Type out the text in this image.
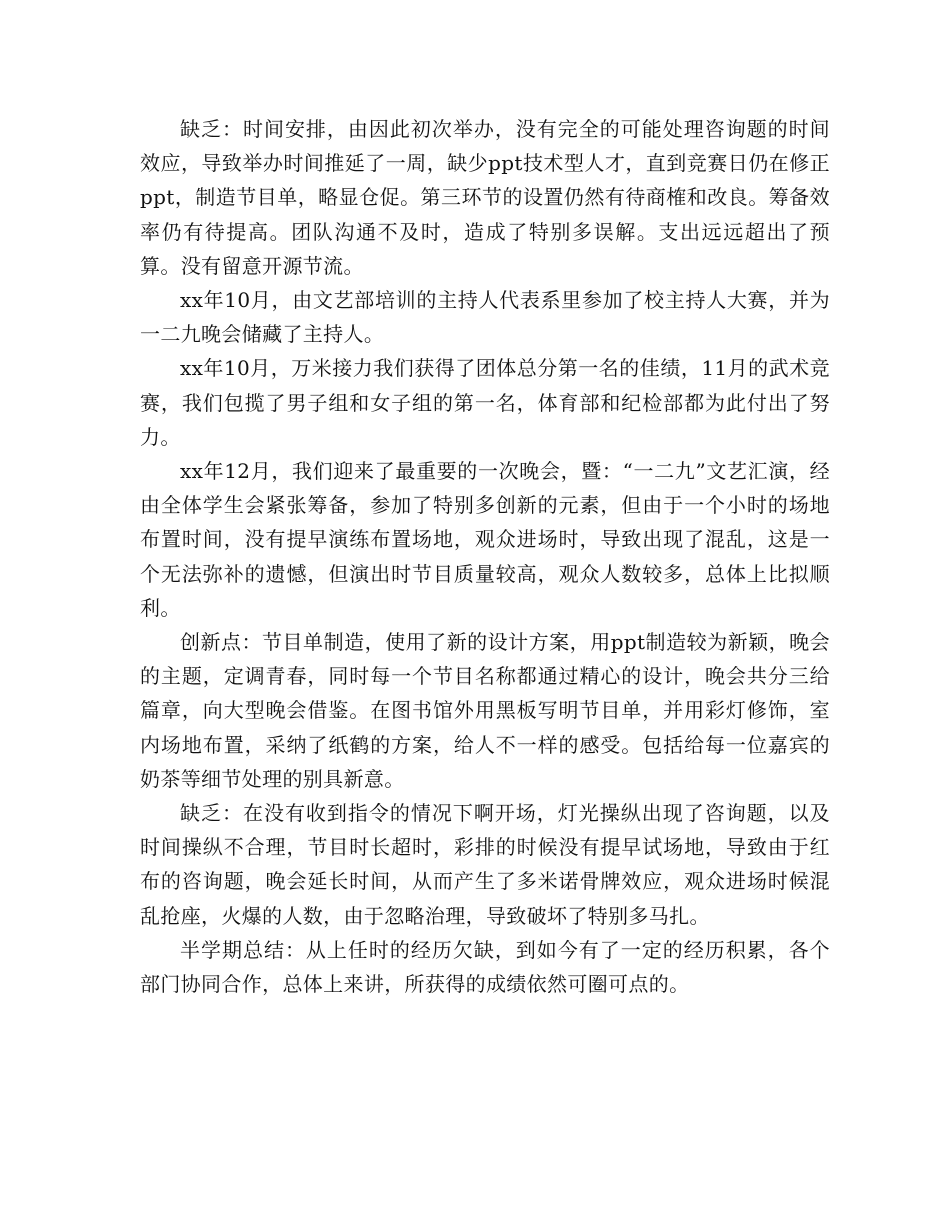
缺乏：时间安排，由因此初次举办，没有完全的可能处理咨询题的时间效应，导致举办时间推延了一周，缺少ppt技术型人才，直到竞赛日仍在修正ppt，制造节目单，略显仓促。第三环节的设置仍然有待商榷和改良。筹备效率仍有待提高。团队沟通不及时，造成了特别多误解。支出远远超出了预算。没有留意开源节流。

xx年10月，由文艺部培训的主持人代表系里参加了校主持人大赛，并为一二九晚会储藏了主持人。

xx年10月，万米接力我们获得了团体总分第一名的佳绩，11月的武术竞赛，我们包揽了男子组和女子组的第一名，体育部和纪检部都为此付出了努力。

xx年12月，我们迎来了最重要的一次晚会，暨：“一二九”文艺汇演，经由全体学生会紧张筹备，参加了特别多创新的元素，但由于一个小时的场地布置时间，没有提早演练布置场地，观众进场时，导致出现了混乱，这是一个无法弥补的遗憾，但演出时节目质量较高，观众人数较多，总体上比拟顺利。

创新点：节目单制造，使用了新的设计方案，用ppt制造较为新颖，晚会的主题，定调青春，同时每一个节目名称都通过精心的设计，晚会共分三给篇章，向大型晚会借鉴。在图书馆外用黑板写明节目单，并用彩灯修饰，室内场地布置，采纳了纸鹤的方案，给人不一样的感受。包括给每一位嘉宾的奶茶等细节处理的别具新意。

缺乏：在没有收到指令的情况下啊开场，灯光操纵出现了咨询题，以及时间操纵不合理，节目时长超时，彩排的时候没有提早试场地，导致由于红布的咨询题，晚会延长时间，从而产生了多米诺骨牌效应，观众进场时候混乱抢座，火爆的人数，由于忽略治理，导致破坏了特别多马扎。

半学期总结：从上任时的经历欠缺，到如今有了一定的经历积累，各个部门协同合作，总体上来讲，所获得的成绩依然可圈可点的。
